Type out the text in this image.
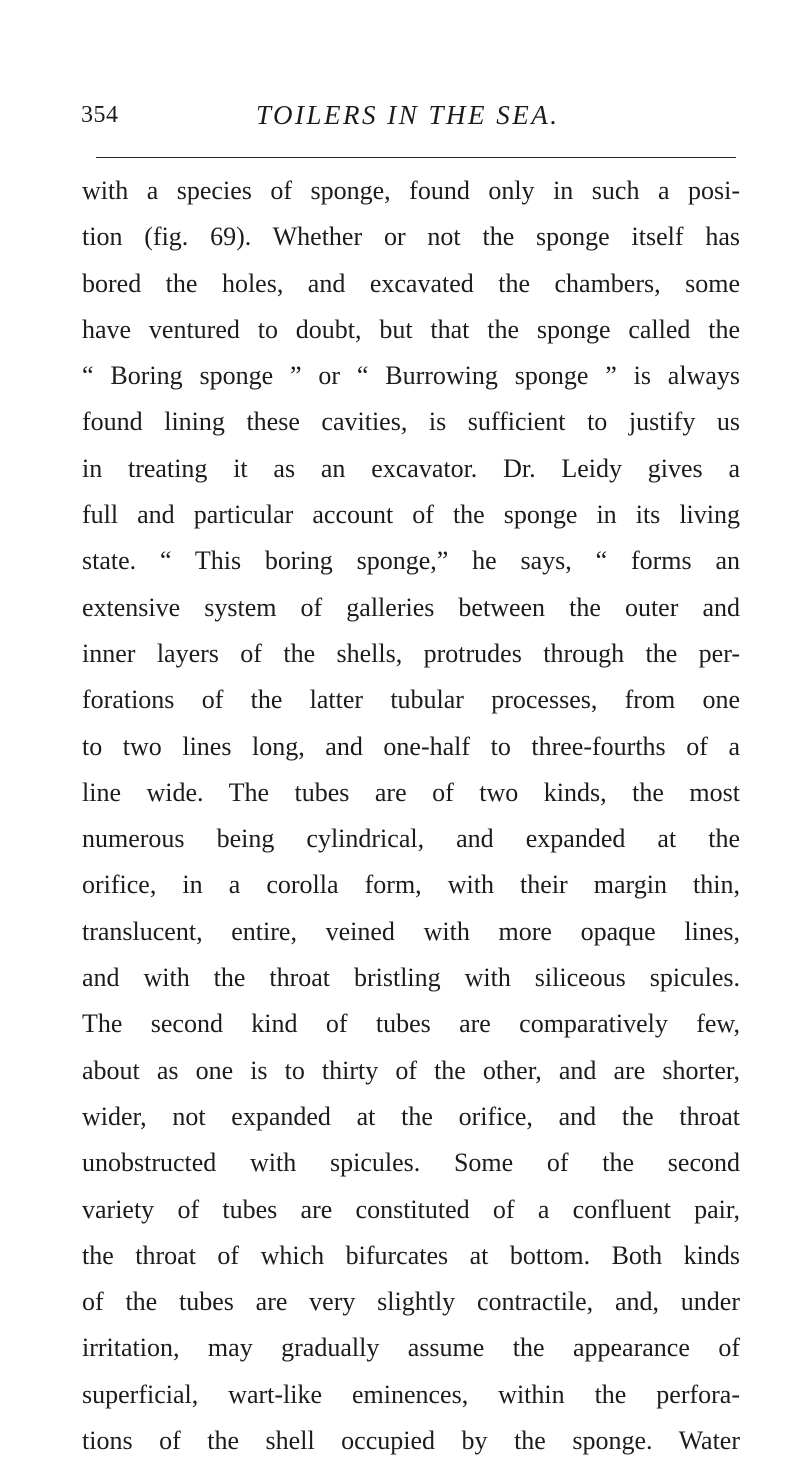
354	TOILERS IN THE SEA.
with a species of sponge, found only in such a posi-
tion (fig. 69). Whether or not the sponge itself has
bored the holes, and excavated the chambers, some
have ventured to doubt, but that the sponge called the
“ Boring sponge ” or “ Burrowing sponge ” is always
found lining these cavities, is sufficient to justify us
in treating it as an excavator. Dr. Leidy gives a
full and particular account of the sponge in its living
state. “ This boring sponge,” he says, “ forms an
extensive system of galleries between the outer and
inner layers of the shells, protrudes through the per-
forations of the latter tubular processes, from one
to two lines long, and one-half to three-fourths of a
line wide. The tubes are of two kinds, the most
numerous being cylindrical, and expanded at the
orifice, in a corolla form, with their margin thin,
translucent, entire, veined with more opaque lines,
and with the throat bristling with siliceous spicules.
The second kind of tubes are comparatively few,
about as one is to thirty of the other, and are shorter,
wider, not expanded at the orifice, and the throat
unobstructed with spicules. Some of the second
variety of tubes are constituted of a confluent pair,
the throat of which bifurcates at bottom. Both kinds
of the tubes are very slightly contractile, and, under
irritation, may gradually assume the appearance of
superficial, wart-like eminences, within the perfora-
tions of the shell occupied by the sponge. Water
